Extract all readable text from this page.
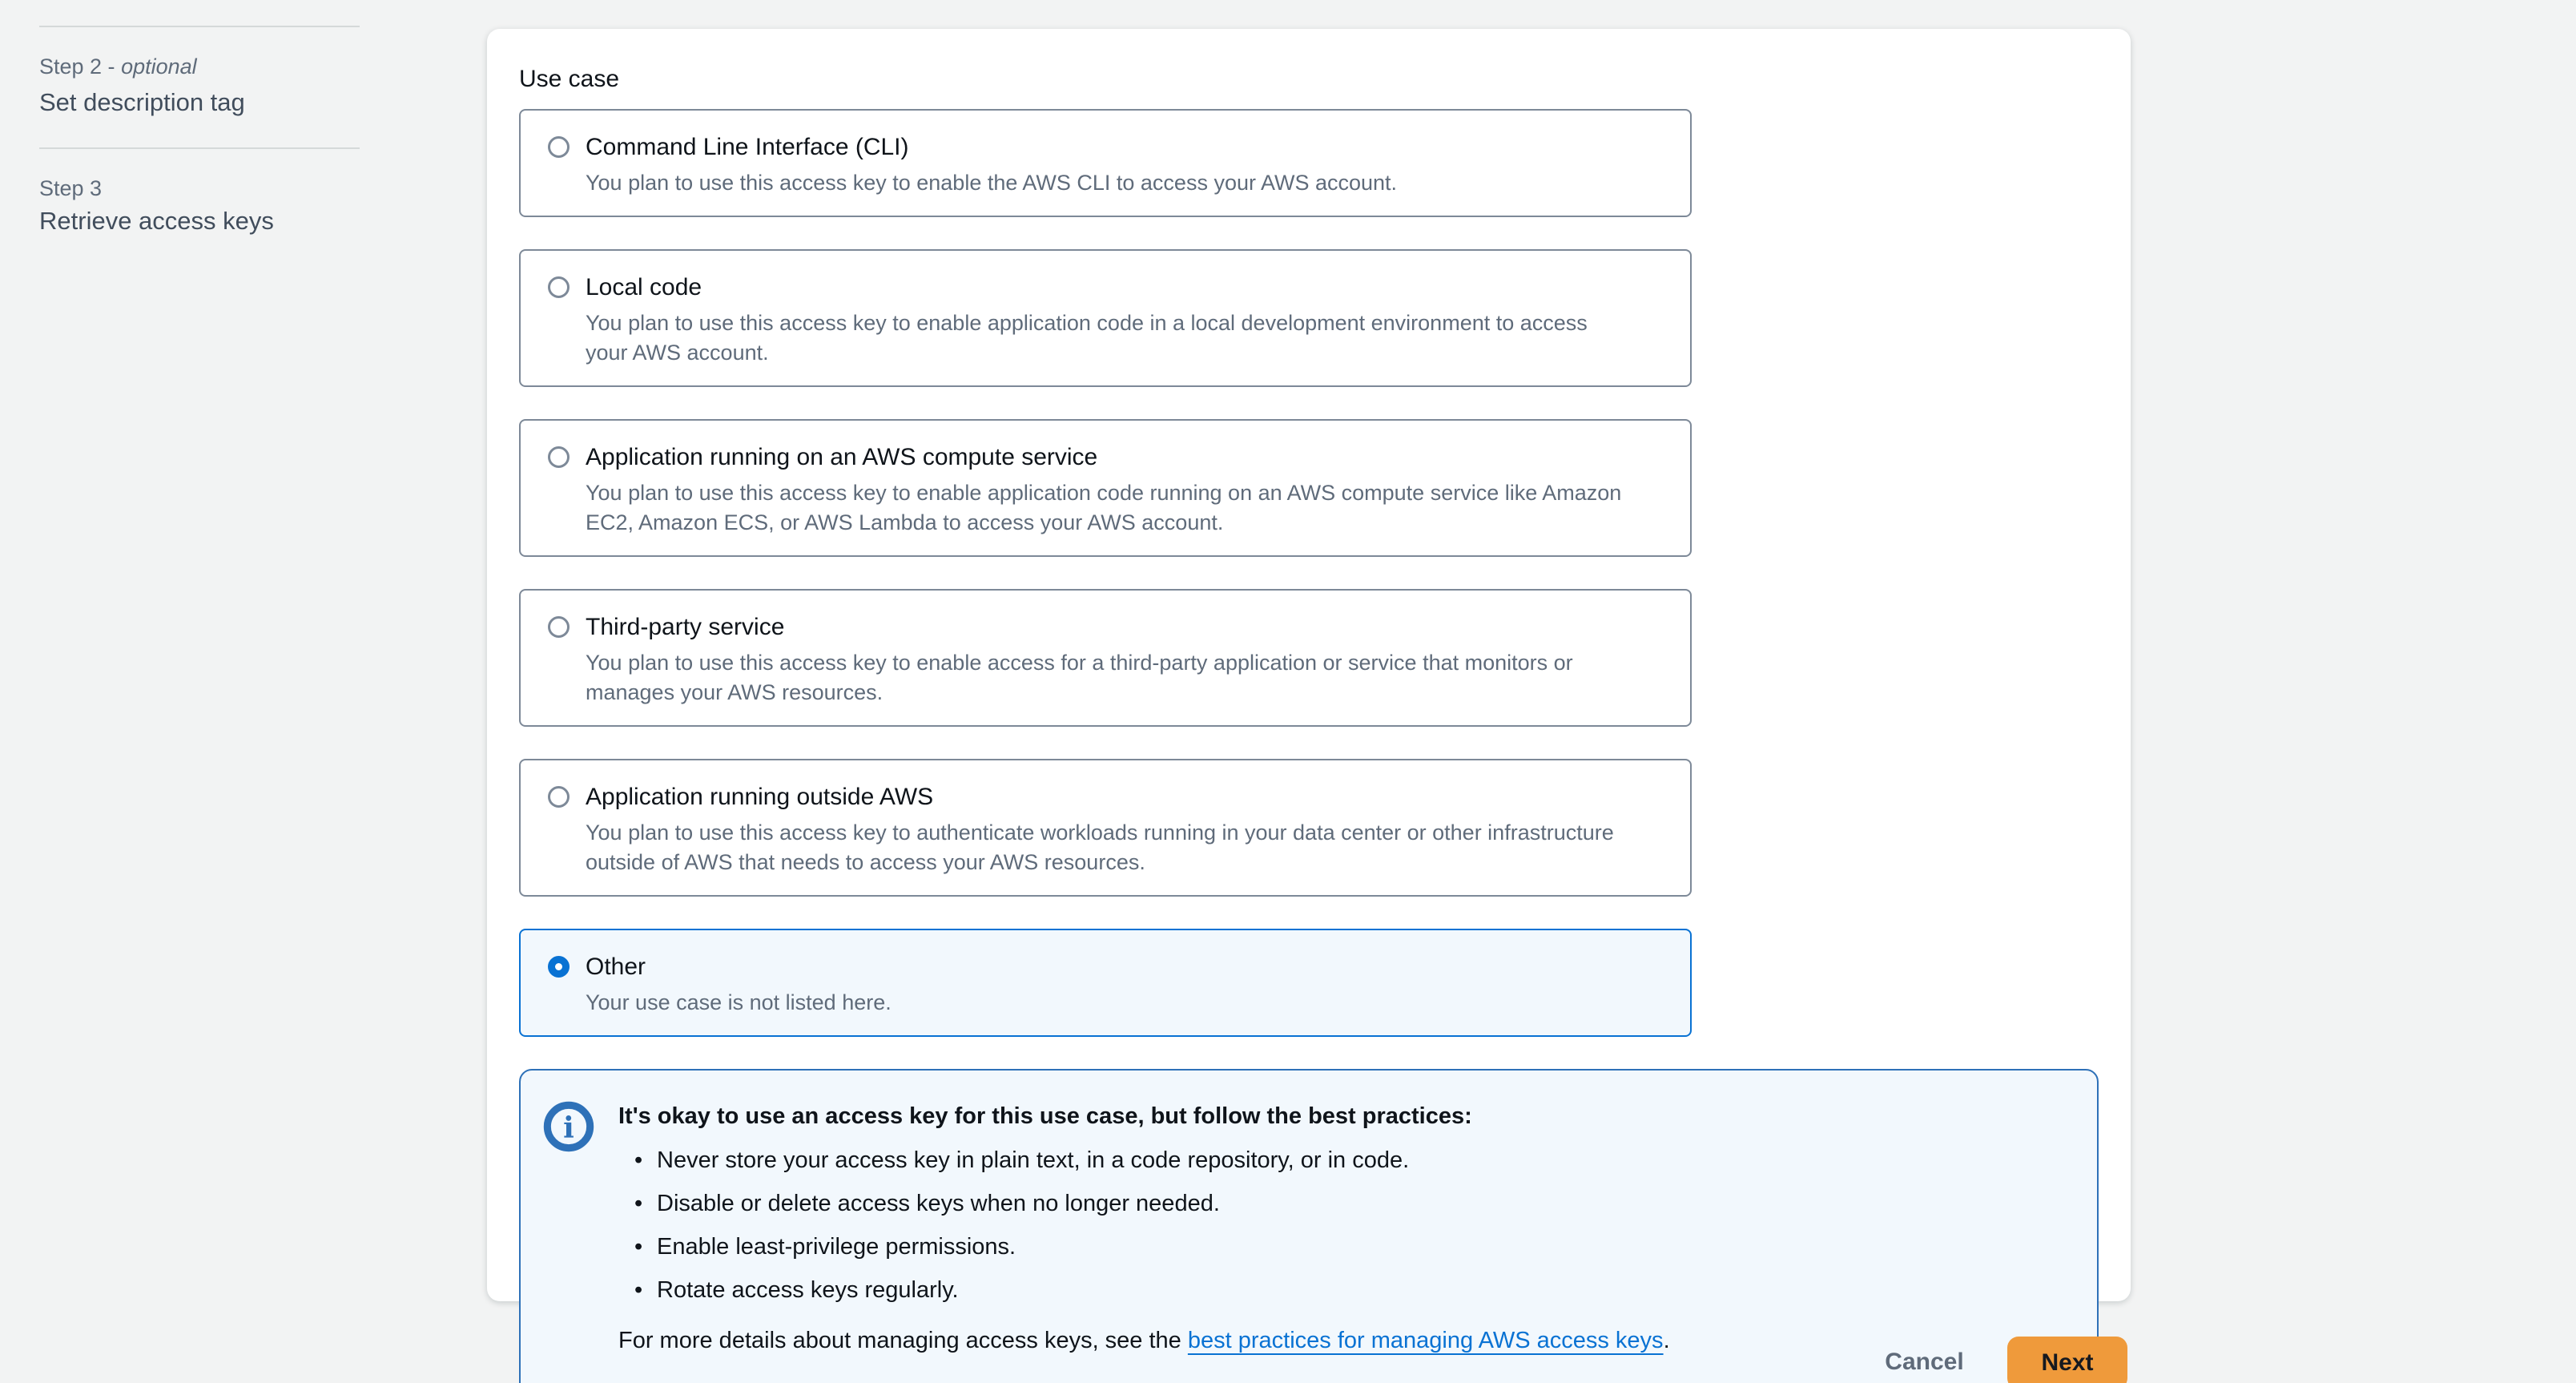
Step 2 - optional
Set description tag
Step 3
Retrieve access keys
Use case
Command Line Interface (CLI)
You plan to use this access key to enable the AWS CLI to access your AWS account.
Local code
You plan to use this access key to enable application code in a local development environment to access your AWS account.
Application running on an AWS compute service
You plan to use this access key to enable application code running on an AWS compute service like Amazon EC2, Amazon ECS, or AWS Lambda to access your AWS account.
Third-party service
You plan to use this access key to enable access for a third-party application or service that monitors or manages your AWS resources.
Application running outside AWS
You plan to use this access key to authenticate workloads running in your data center or other infrastructure outside of AWS that needs to access your AWS resources.
Other
Your use case is not listed here.
i It's okay to use an access key for this use case, but follow the best practices:
• Never store your access key in plain text, in a code repository, or in code.
• Disable or delete access keys when no longer needed.
• Enable least-privilege permissions.
• Rotate access keys regularly.
For more details about managing access keys, see the best practices for managing AWS access keys.
Cancel	Next
